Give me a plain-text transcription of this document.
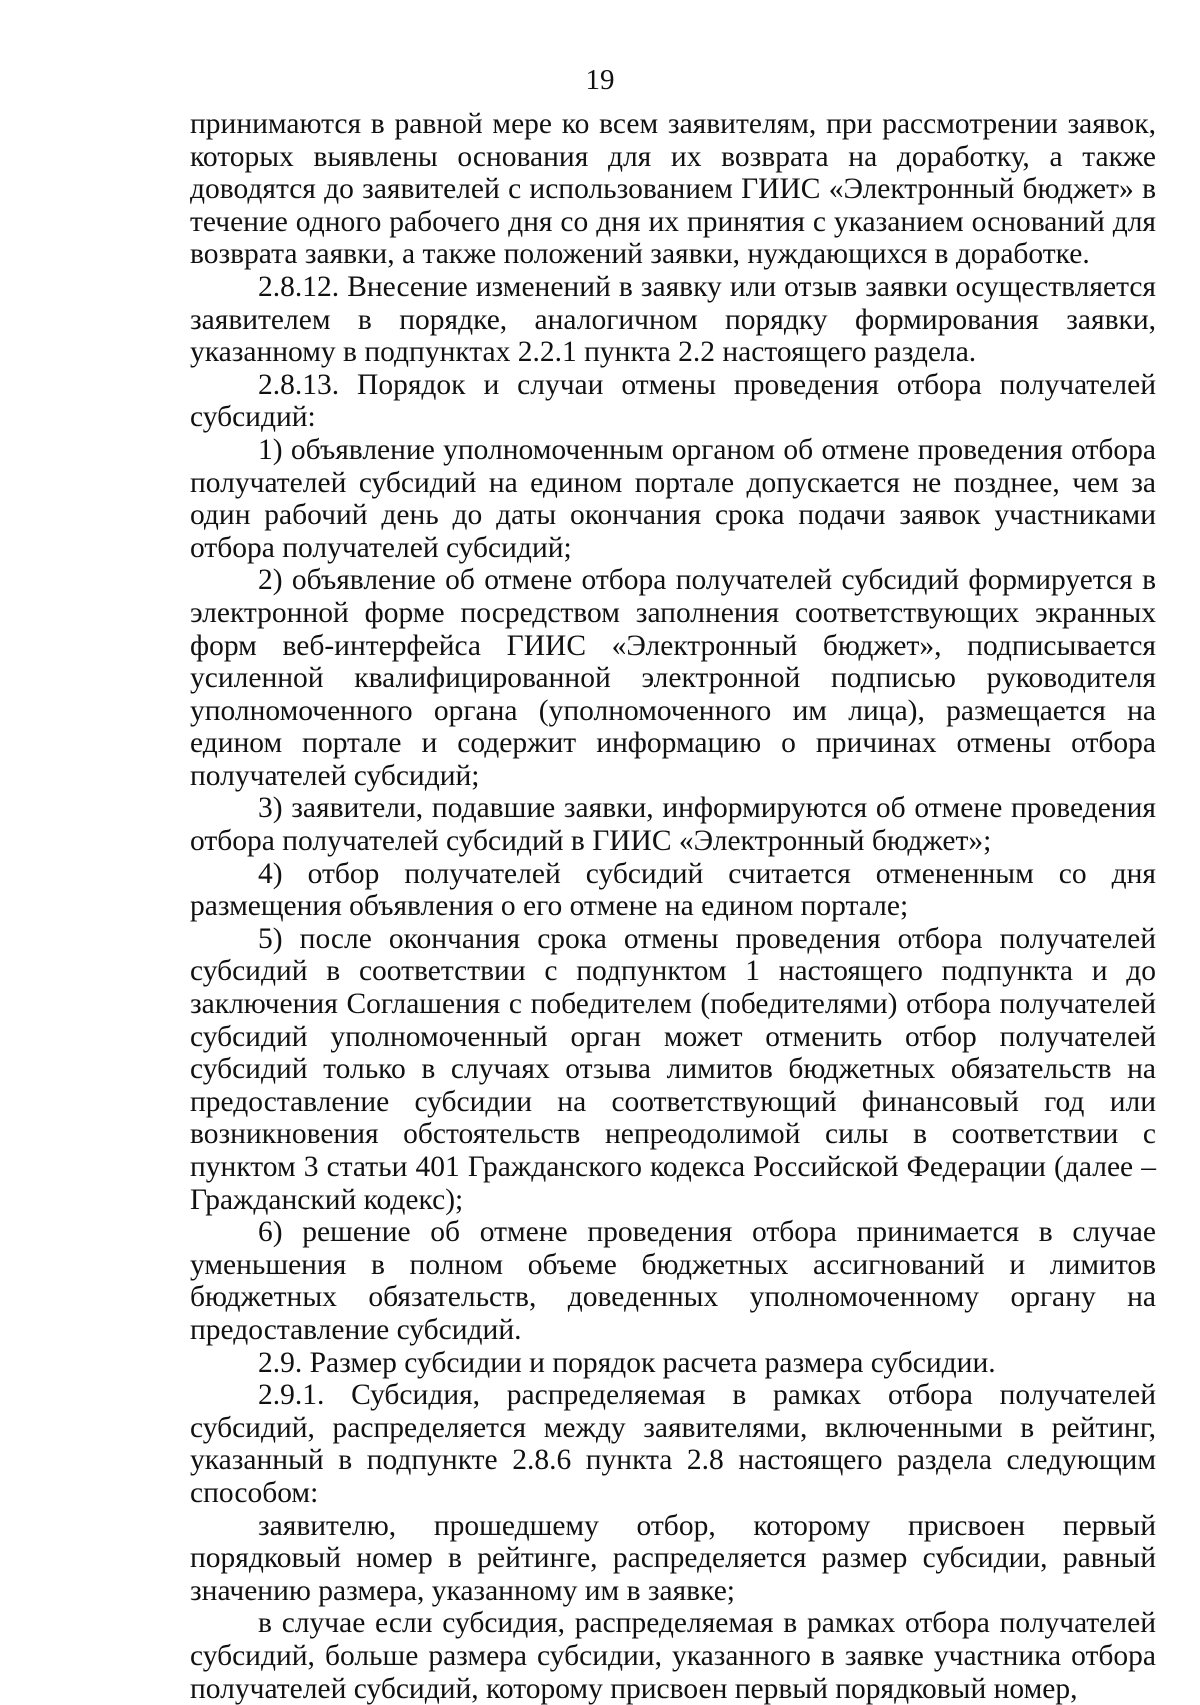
19

принимаются в равной мере ко всем заявителям, при рассмотрении заявок, которых выявлены основания для их возврата на доработку, а также доводятся до заявителей с использованием ГИИС «Электронный бюджет» в течение одного рабочего дня со дня их принятия с указанием оснований для возврата заявки, а также положений заявки, нуждающихся в доработке.

2.8.12. Внесение изменений в заявку или отзыв заявки осуществляется заявителем в порядке, аналогичном порядку формирования заявки, указанному в подпунктах 2.2.1 пункта 2.2 настоящего раздела.

2.8.13. Порядок и случаи отмены проведения отбора получателей субсидий:

1) объявление уполномоченным органом об отмене проведения отбора получателей субсидий на едином портале допускается не позднее, чем за один рабочий день до даты окончания срока подачи заявок участниками отбора получателей субсидий;

2) объявление об отмене отбора получателей субсидий формируется в электронной форме посредством заполнения соответствующих экранных форм веб-интерфейса ГИИС «Электронный бюджет», подписывается усиленной квалифицированной электронной подписью руководителя уполномоченного органа (уполномоченного им лица), размещается на едином портале и содержит информацию о причинах отмены отбора получателей субсидий;

3) заявители, подавшие заявки, информируются об отмене проведения отбора получателей субсидий в ГИИС «Электронный бюджет»;

4) отбор получателей субсидий считается отмененным со дня размещения объявления о его отмене на едином портале;

5) после окончания срока отмены проведения отбора получателей субсидий в соответствии с подпунктом 1 настоящего подпункта и до заключения Соглашения с победителем (победителями) отбора получателей субсидий уполномоченный орган может отменить отбор получателей субсидий только в случаях отзыва лимитов бюджетных обязательств на предоставление субсидии на соответствующий финансовый год или возникновения обстоятельств непреодолимой силы в соответствии с пунктом 3 статьи 401 Гражданского кодекса Российской Федерации (далее – Гражданский кодекс);

6) решение об отмене проведения отбора принимается в случае уменьшения в полном объеме бюджетных ассигнований и лимитов бюджетных обязательств, доведенных уполномоченному органу на предоставление субсидий.

2.9. Размер субсидии и порядок расчета размера субсидии.

2.9.1. Субсидия, распределяемая в рамках отбора получателей субсидий, распределяется между заявителями, включенными в рейтинг, указанный в подпункте 2.8.6 пункта 2.8 настоящего раздела следующим способом:

заявителю, прошедшему отбор, которому присвоен первый порядковый номер в рейтинге, распределяется размер субсидии, равный значению размера, указанному им в заявке;

в случае если субсидия, распределяемая в рамках отбора получателей субсидий, больше размера субсидии, указанного в заявке участника отбора получателей субсидий, которому присвоен первый порядковый номер,
